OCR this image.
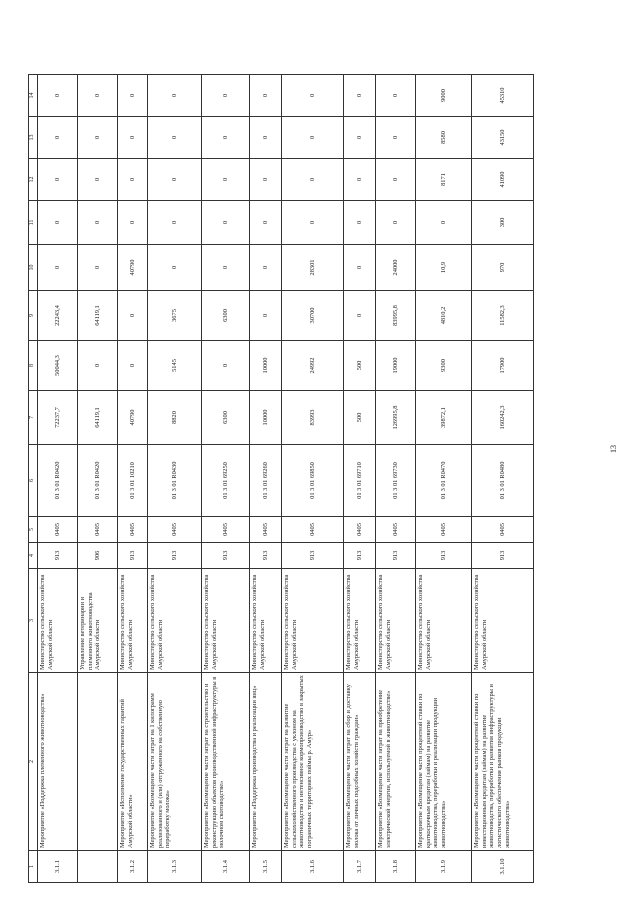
13
1	2	3	4	5	6	7	8	9	10	11	12	13	14
3.1.1	Мероприятие «Поддержка племенного животноводства»	Министерство сельского хозяйства Амурской области	913	0405	01 3 01 R0420	72237,7	50044,3	22243,4	0	0	0	0	0
		Управление ветеринарии и племенного животноводства Амурской области	906	0405	01 3 01 R0420	64119,1	0	64119,1	0	0	0	0	0
3.1.2	Мероприятие «Исполнение государственных гарантий Амурской области»	Министерство сельского хозяйства Амурской области	913	0405	01 3 01 10210	40790	0	0	40790	0	0	0	0
3.1.3	Мероприятие «Возмещение части затрат на 1 килограмм реализованного и (или) отгруженного на собственную переработку молока»	Министерство сельского хозяйства Амурской области	913	0405	01 3 01 R0430	8820	5145	3675	0	0	0	0	0
3.1.4	Мероприятие «Возмещение части затрат на строительство и реконструкцию объектов производственной инфраструктуры в молочном скотоводстве»	Министерство сельского хозяйства Амурской области	913	0405	01 3 01 69250	6300	0	6300	0	0	0	0	0
3.1.5	Мероприятие «Поддержка производства и реализации яиц»	Министерство сельского хозяйства Амурской области	913	0405	01 3 01 69260	10000	10000	0	0	0	0	0	0
3.1.6	Мероприятие «Возмещение части затрат на развитие сельскохозяйственного производства с уклоном на животноводство и интенсивное кормопроизводство в закрытых пограничных территориях поймы р. Амур»	Министерство сельского хозяйства Амурской области	913	0405	01 3 01 69850	83993	24992	30700	28301	0	0	0	0
3.1.7	Мероприятие «Возмещение части затрат на сбор и доставку молока от личных подсобных хозяйств граждан»	Министерство сельского хозяйства Амурской области	913	0405	01 3 01 69710	500	500	0	0	0	0	0	0
3.1.8	Мероприятие «Возмещение части затрат на приобретение электрической энергии, используемой в животноводстве»	Министерство сельского хозяйства Амурской области	913	0405	01 3 01 69730	126995,8	19000	83995,8	24000	0	0	0	0
3.1.9	Мероприятие «Возмещение части процентной ставки по краткосрочным кредитам (займам) на развитие животноводства, переработки и реализации продукции животноводства»	Министерство сельского хозяйства Амурской области	913	0405	01 3 01 R0470	39872,1	9300	4810,2	10,9	0	8171	8580	9000
3.1.10	Мероприятие «Возмещение части процентной ставки по инвестиционным кредитам (займам) на развитие животноводства, переработки и развития инфраструктуры и логистического обеспечения рынков продукции животноводства»	Министерство сельского хозяйства Амурской области	913	0405	01 3 01 R0480	160242,3	17900	11582,3	970	300	41090	43150	45310
